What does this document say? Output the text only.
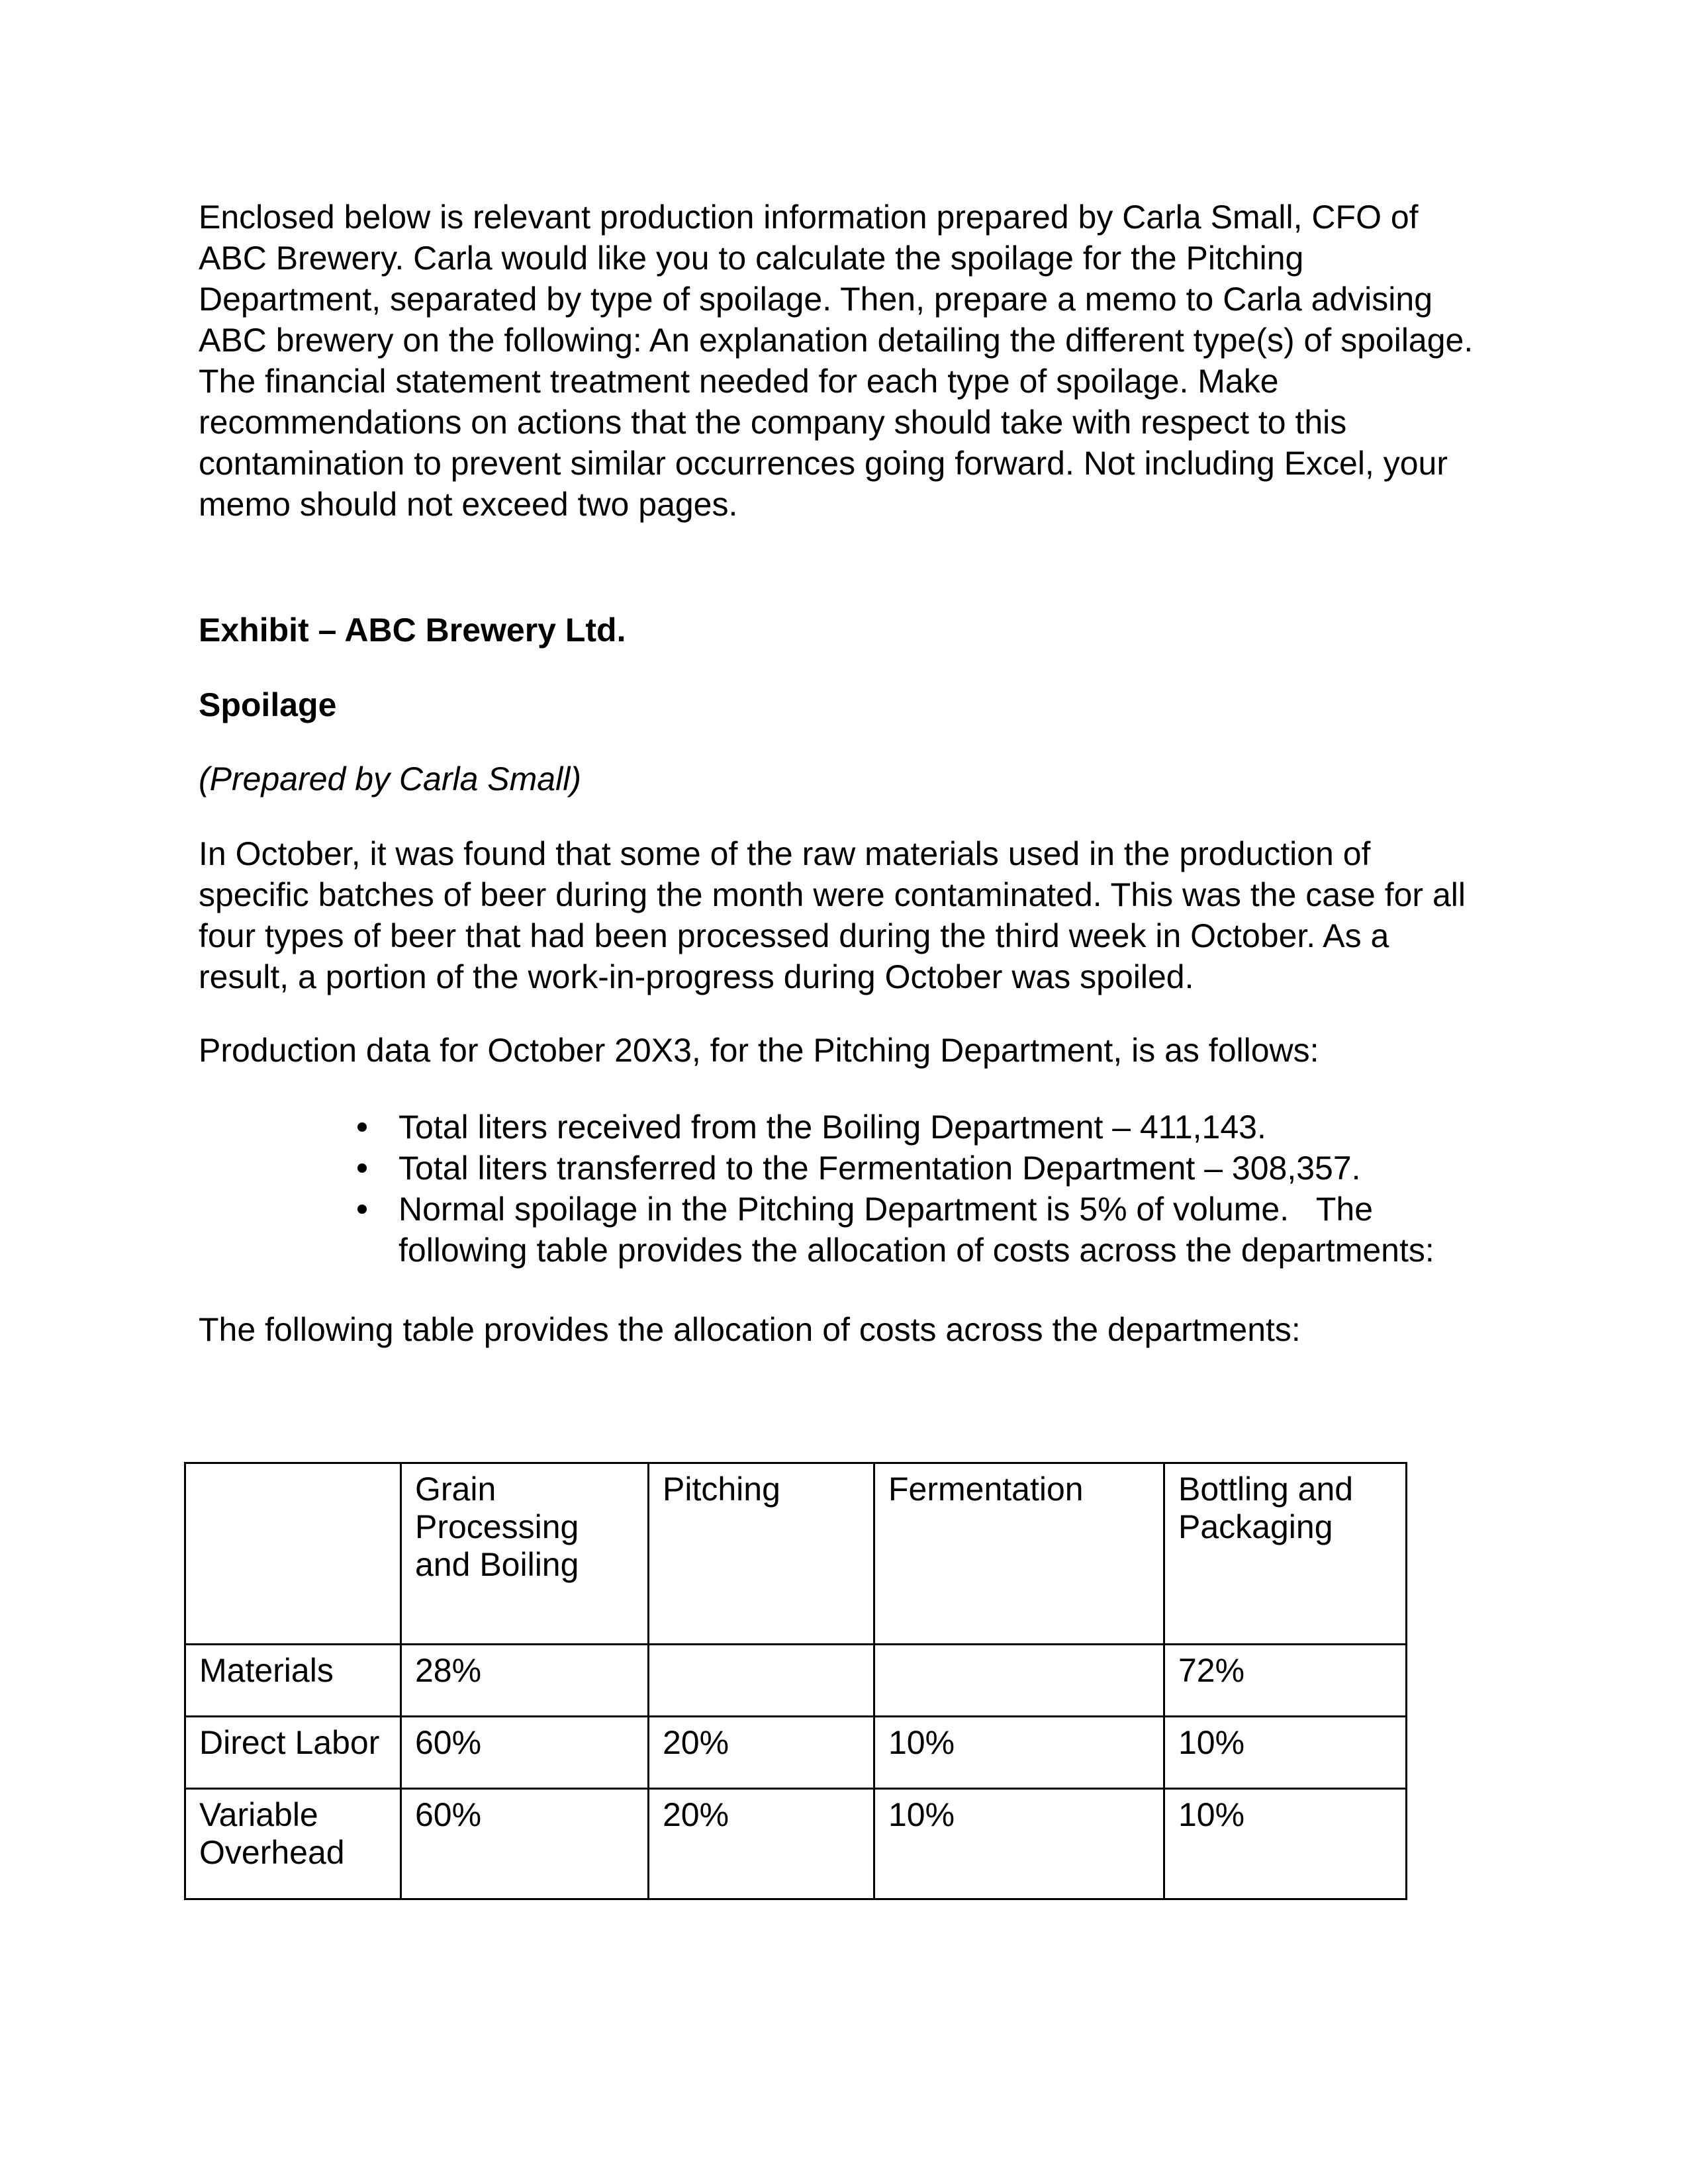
Enclosed below is relevant production information prepared by Carla Small, CFO of
ABC Brewery. Carla would like you to calculate the spoilage for the Pitching
Department, separated by type of spoilage. Then, prepare a memo to Carla advising
ABC brewery on the following: An explanation detailing the different type(s) of spoilage.
The financial statement treatment needed for each type of spoilage. Make
recommendations on actions that the company should take with respect to this
contamination to prevent similar occurrences going forward. Not including Excel, your
memo should not exceed two pages.

Exhibit – ABC Brewery Ltd.
Spoilage
(Prepared by Carla Small)

In October, it was found that some of the raw materials used in the production of
specific batches of beer during the month were contaminated. This was the case for all
four types of beer that had been processed during the third week in October. As a
result, a portion of the work-in-progress during October was spoiled.

Production data for October 20X3, for the Pitching Department, is as follows:
Total liters received from the Boiling Department – 411,143.
Total liters transferred to the Fermentation Department – 308,357.
Normal spoilage in the Pitching Department is 5% of volume.   The
following table provides the allocation of costs across the departments:
The following table provides the allocation of costs across the departments:

	Grain
Processing
and Boiling	Pitching	Fermentation	Bottling and
Packaging

Materials	28%			72%

Direct Labor	60%	20%	10%	10%

Variable
Overhead	60%	20%	10%	10%
